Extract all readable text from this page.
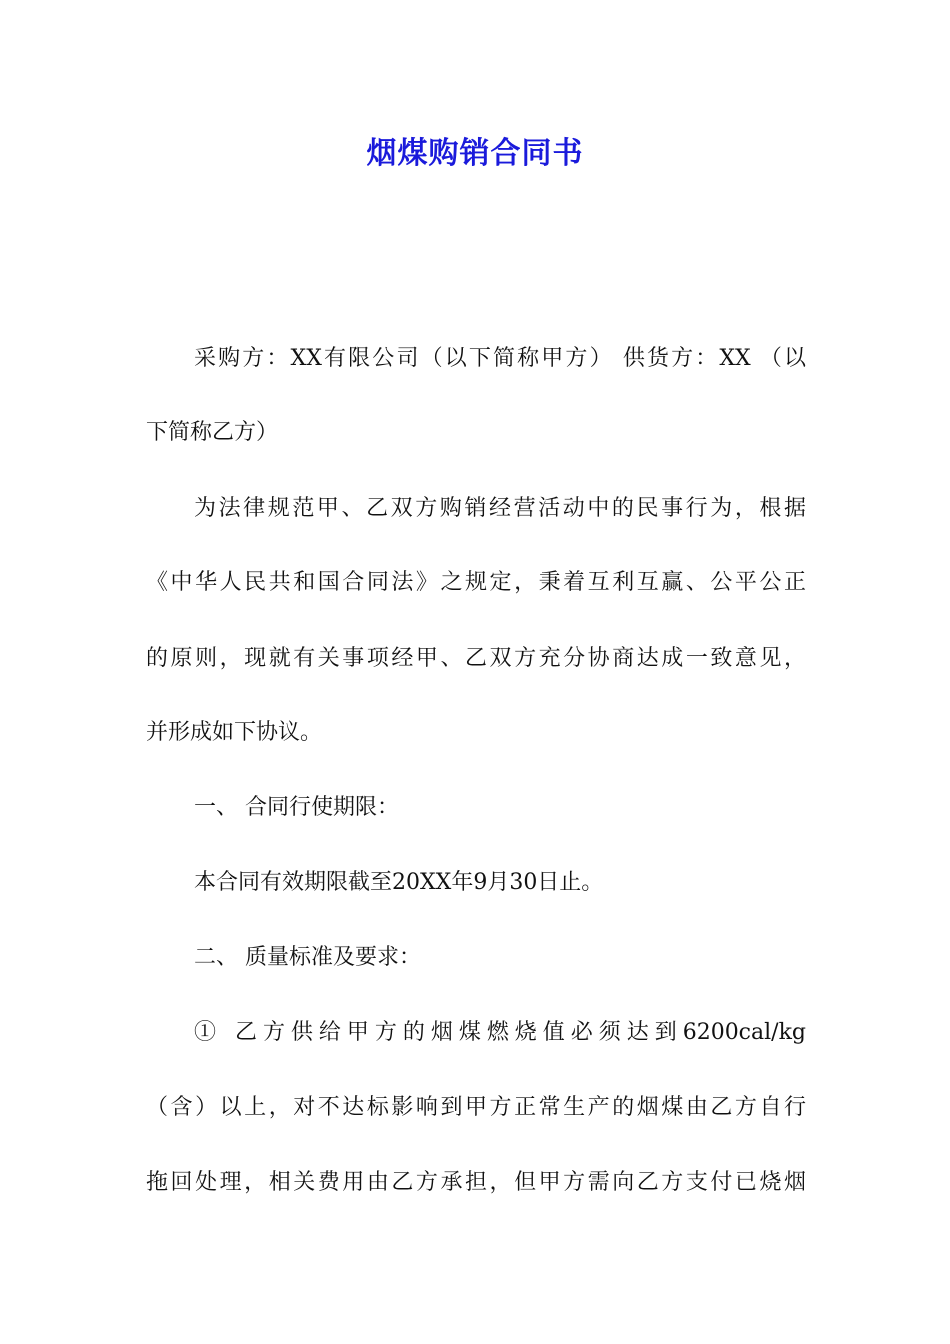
烟煤购销合同书
采购方：XX有限公司（以下简称甲方） 供货方：XX （以
下简称乙方）
为法律规范甲、乙双方购销经营活动中的民事行为，根据
《中华人民共和国合同法》之规定，秉着互利互赢、公平公正
的原则，现就有关事项经甲、乙双方充分协商达成一致意见，
并形成如下协议。
一、 合同行使期限：
本合同有效期限截至20XX年9月30日止。
二、 质量标准及要求：
① 乙方供给甲方的烟煤燃烧值必须达到6200cal/kg
（含）以上，对不达标影响到甲方正常生产的烟煤由乙方自行
拖回处理，相关费用由乙方承担，但甲方需向乙方支付已烧烟
